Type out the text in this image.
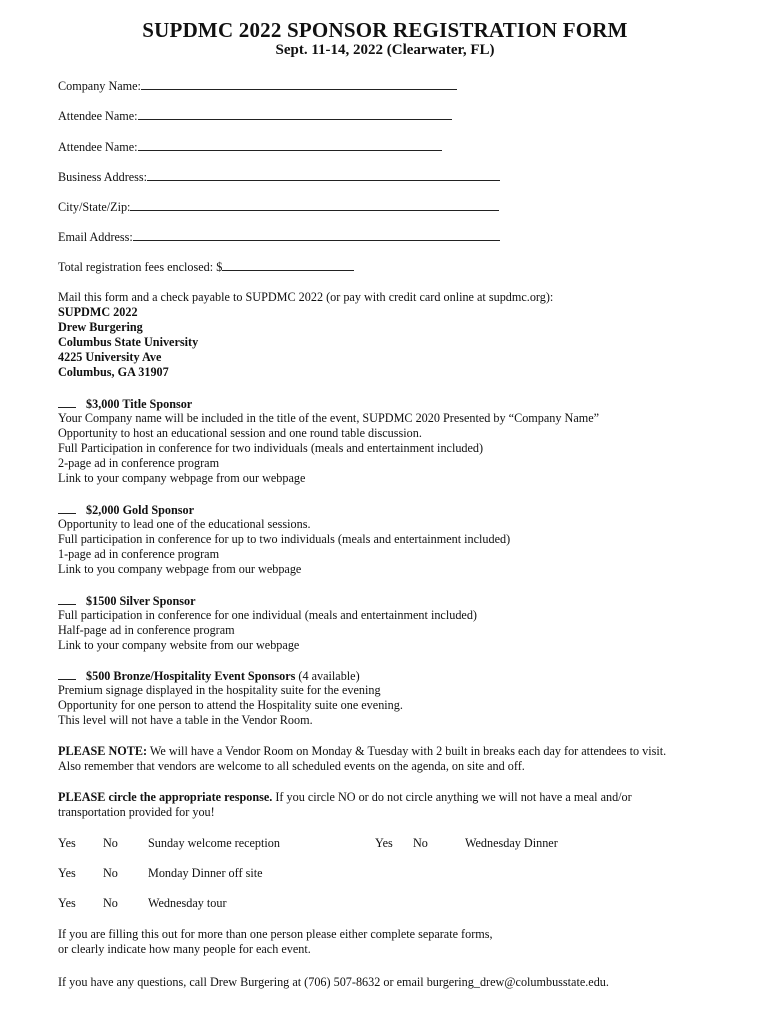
SUPDMC 2022 SPONSOR REGISTRATION FORM
Sept. 11-14, 2022 (Clearwater, FL)
Company Name:
Attendee Name:
Attendee Name:
Business Address:
City/State/Zip:
Email Address:
Total registration fees enclosed: $
Mail this form and a check payable to SUPDMC 2022 (or pay with credit card online at supdmc.org):
SUPDMC 2022
Drew Burgering
Columbus State University
4225 University Ave
Columbus, GA 31907
$3,000 Title Sponsor
Your Company name will be included in the title of the event, SUPDMC 2020 Presented by “Company Name”
Opportunity to host an educational session and one round table discussion.
Full Participation in conference for two individuals (meals and entertainment included)
2-page ad in conference program
Link to your company webpage from our webpage
$2,000 Gold Sponsor
Opportunity to lead one of the educational sessions.
Full participation in conference for up to two individuals (meals and entertainment included)
1-page ad in conference program
Link to you company webpage from our webpage
$1500 Silver Sponsor
Full participation in conference for one individual (meals and entertainment included)
Half-page ad in conference program
Link to your company website from our webpage
$500 Bronze/Hospitality Event Sponsors (4 available)
Premium signage displayed in the hospitality suite for the evening
Opportunity for one person to attend the Hospitality suite one evening.
This level will not have a table in the Vendor Room.
PLEASE NOTE: We will have a Vendor Room on Monday & Tuesday with 2 built in breaks each day for attendees to visit.
Also remember that vendors are welcome to all scheduled events on the agenda, on site and off.
PLEASE circle the appropriate response. If you circle NO or do not circle anything we will not have a meal and/or
transportation provided for you!
Yes No Sunday welcome reception	Yes No	Wednesday Dinner
Yes No Monday Dinner off site
Yes No Wednesday tour
If you are filling this out for more than one person please either complete separate forms,
or clearly indicate how many people for each event.
If you have any questions, call Drew Burgering at (706) 507-8632 or email burgering_drew@columbusstate.edu.
